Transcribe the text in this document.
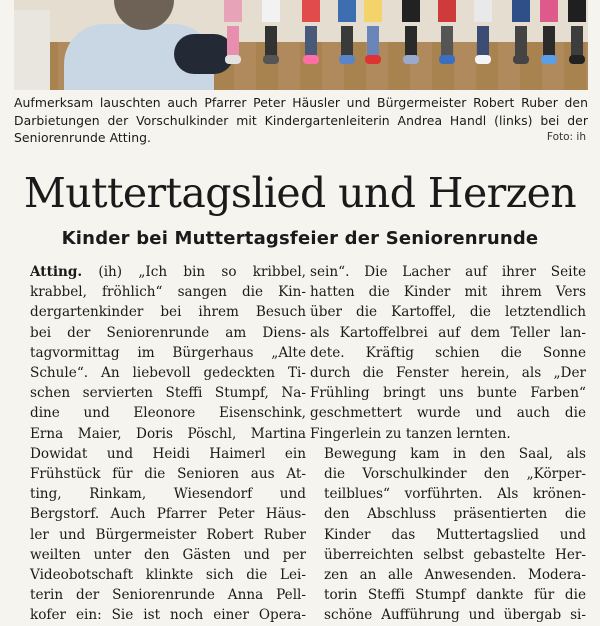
Aufmerksam lauschten auch Pfarrer Peter Häusler und Bürgermeister Robert Ruber den Darbietungen der Vorschulkinder mit Kindergartenleiterin Andrea Handl (links) bei der Seniorenrunde Atting.	Foto: ih
Muttertagslied und Herzen
Kinder bei Muttertagsfeier der Seniorenrunde

Atting. (ih) „Ich bin so kribbel,
krabbel, fröhlich“ sangen die Kin-
dergartenkinder bei ihrem Besuch
bei der Seniorenrunde am Diens-
tagvormittag im Bürgerhaus „Alte
Schule“. An liebevoll gedeckten Ti-
schen servierten Steffi Stumpf, Na-
dine und Eleonore Eisenschink,
Erna Maier, Doris Pöschl, Martina
Dowidat und Heidi Haimerl ein
Frühstück für die Senioren aus At-
ting, Rinkam, Wiesendorf und
Bergstorf. Auch Pfarrer Peter Häus-
ler und Bürgermeister Robert Ruber
weilten unter den Gästen und per
Videobotschaft klinkte sich die Lei-
terin der Seniorenrunde Anna Pell-
kofer ein: Sie ist noch einer Opera-

sein“. Die Lacher auf ihrer Seite
hatten die Kinder mit ihrem Vers
über die Kartoffel, die letztendlich
als Kartoffelbrei auf dem Teller lan-
dete. Kräftig schien die Sonne
durch die Fenster herein, als „Der
Frühling bringt uns bunte Farben“
geschmettert wurde und auch die
Fingerlein zu tanzen lernten.

Bewegung kam in den Saal, als
die Vorschulkinder den „Körper-
teilblues“ vorführten. Als krönen-
den Abschluss präsentierten die
Kinder das Muttertagslied und
überreichten selbst gebastelte Her-
zen an alle Anwesenden. Modera-
torin Steffi Stumpf dankte für die
schöne Aufführung und übergab si-
